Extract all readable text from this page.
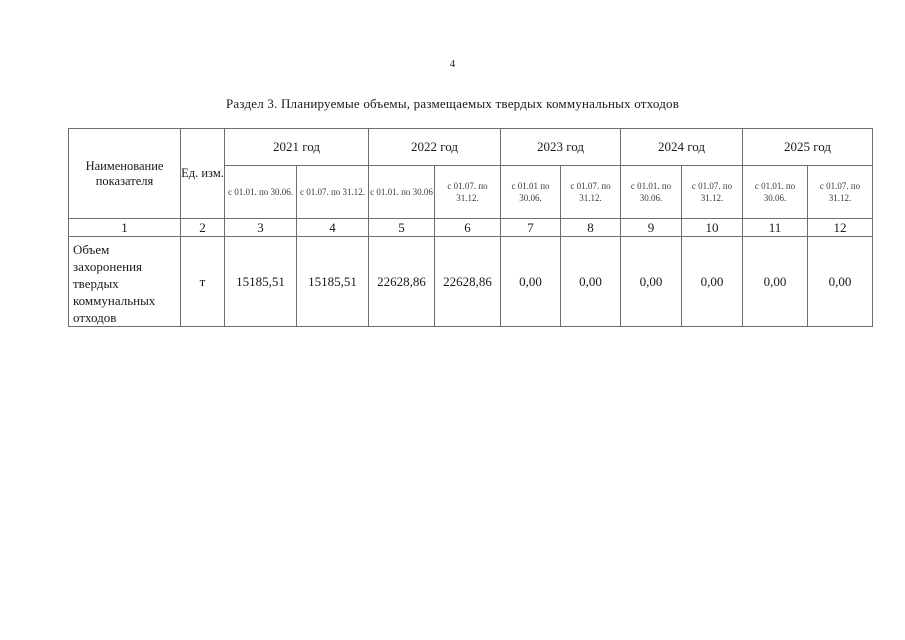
4
Раздел 3. Планируемые объемы, размещаемых твердых коммунальных отходов
Наименование показателя	Ед. изм.	2021 год		2022 год		2023 год		2024 год		2025 год	
		с 01.01. по 30.06.	с 01.07. по 31.12.	с 01.01. по 30.06	с 01.07. по 31.12.	с 01.01 по 30.06.	с 01.07. по 31.12.	с 01.01. по 30.06.	с 01.07. по 31.12.	с 01.01. по 30.06.	с 01.07. по 31.12.
1	2	3	4	5	6	7	8	9	10	11	12
Объем захоронения твердых коммунальных отходов	т	15185,51	15185,51	22628,86	22628,86	0,00	0,00	0,00	0,00	0,00	0,00
